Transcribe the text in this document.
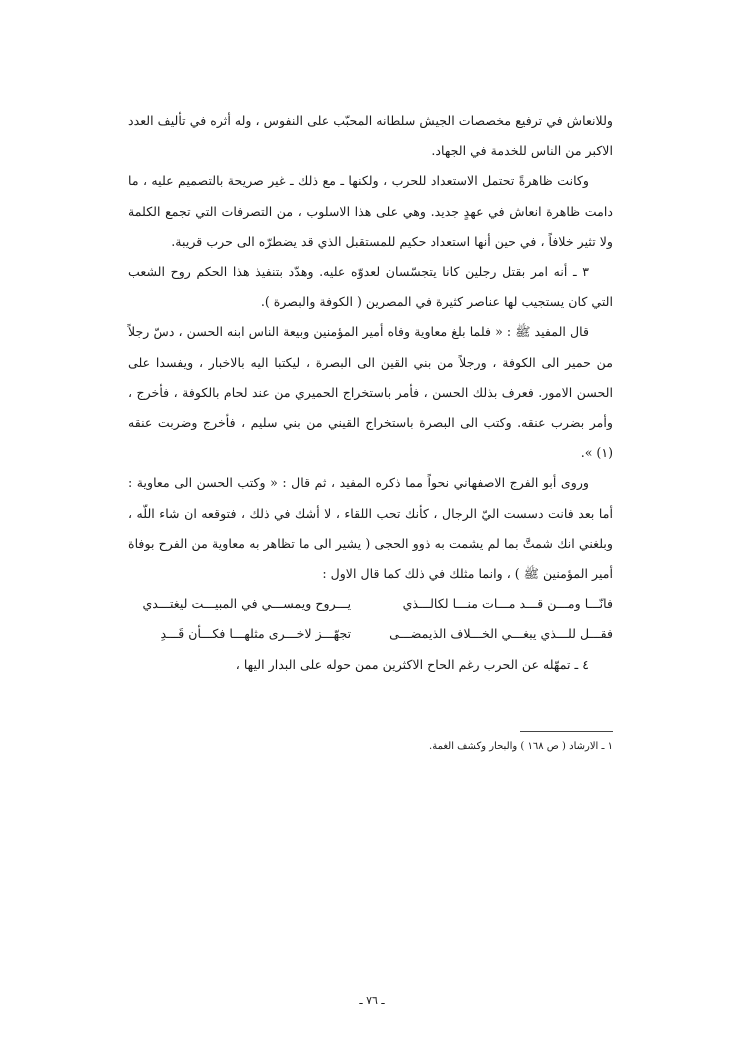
وللانعاش في ترفيع مخصصات الجيش سلطانه المحبّب على النفوس ، وله أثره في تأليف العدد الاكبر من الناس للخدمة في الجهاد.

وكانت ظاهرةً تحتمل الاستعداد للحرب ، ولكنها ـ مع ذلك ـ غير صريحة بالتصميم عليه ، ما دامت ظاهرة انعاش في عهدٍ جديد. وهي على هذا الاسلوب ، من التصرفات التي تجمع الكلمة ولا تثير خلافاً ، في حين أنها استعداد حكيم للمستقبل الذي قد يضطرّه الى حرب قريبة.

٣ ـ أنه امر بقتل رجلين كانا يتجسّسان لعدوّه عليه. وهدّد بتنفيذ هذا الحكم روح الشعب التي كان يستجيب لها عناصر كثيرة في المصرين ( الكوفة والبصرة ).

قال المفيد ﷺ : « فلما بلغ معاوية وفاه أمير المؤمنين وبيعة الناس ابنه الحسن ، دسّ رجلاً من حمير الى الكوفة ، ورجلاً من بني القين الى البصرة ، ليكتبا اليه بالاخبار ، ويفسدا على الحسن الامور. فعرف بذلك الحسن ، فأمر باستخراج الحميري من عند لحام بالكوفة ، فأخرج ، وأمر بضرب عنقه. وكتب الى البصرة باستخراج القيني من بني سليم ، فأخرج وضربت عنقه (١) ».

وروى أبو الفرج الاصفهاني نحواً مما ذكره المفيد ، ثم قال : « وكتب الحسن الى معاوية : أما بعد فانت دسست اليّ الرجال ، كأنك تحب اللقاء ، لا أشك في ذلك ، فتوقعه ان شاء اللّه ، وبلغني انك شمتَّ بما لم يشمت به ذوو الحجى ( يشير الى ما تظاهر به معاوية من الفرح بوفاة أمير المؤمنين ﷺ ) ، وانما مثلك في ذلك كما قال الاول :

فانّـــا ومـــن قـــد مـــات منـــا لكالـــذي
يـــروح ويمســـي في المبيـــت ليغتـــدي
فقـــل للـــذي يبغـــي الخـــلاف الذيمضـــى
تجهّـــز لاخـــرى مثلهـــا فكـــأن قَـــدِ

٤ ـ تمهّله عن الحرب رغم الحاح الاكثرين ممن حوله على البدار اليها ،

١ ـ الارشاد ( ص ١٦٨ ) والبحار وكشف الغمة.
ـ ٧٦ ـ
